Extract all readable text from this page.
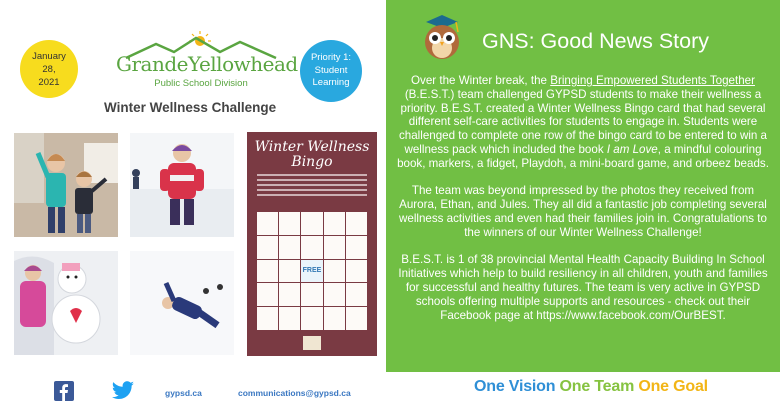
January
28,
2021
GrandeYellowhead
Public School Division
Priority 1: Student Learning
Winter Wellness Challenge
Winter Wellness Bingo
FREE
GNS: Good News Story

Over the Winter break, the Bringing Empowered Students Together (B.E.S.T.) team challenged GYPSD students to make their wellness a priority. B.E.S.T. created a Winter Wellness Bingo card that had several different self-care activities for students to engage in. Students were challenged to complete one row of the bingo card to be entered to win a wellness pack which included the book I am Love, a mindful colouring book, markers, a fidget, Playdoh, a mini-board game, and orbeez beads.

The team was beyond impressed by the photos they received from Aurora, Ethan, and Jules. They all did a fantastic job completing several wellness activities and even had their families join in. Congratulations to the winners of our Winter Wellness Challenge!

B.E.S.T. is 1 of 38 provincial Mental Health Capacity Building In School Initiatives which help to build resiliency in all children, youth and families for successful and healthy futures. The team is very active in GYPSD schools offering multiple supports and resources - check out their Facebook page at https://www.facebook.com/OurBEST.

gypsd.ca	communications@gypsd.ca	One Vision One Team One Goal
